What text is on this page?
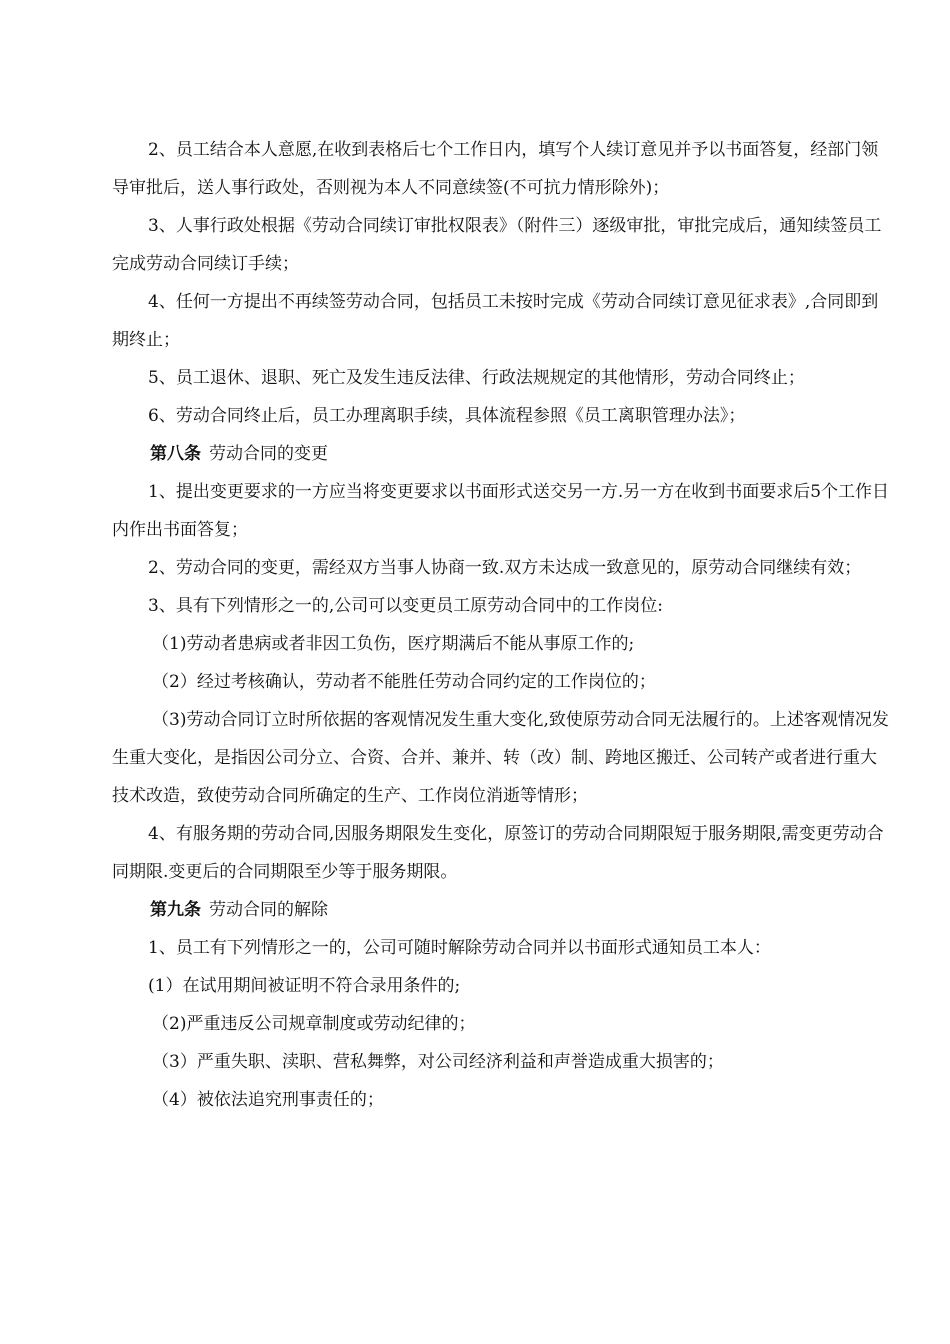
2、员工结合本人意愿,在收到表格后七个工作日内，填写个人续订意见并予以书面答复，经部门领导审批后，送人事行政处，否则视为本人不同意续签(不可抗力情形除外)；

3、人事行政处根据《劳动合同续订审批权限表》（附件三）逐级审批，审批完成后，通知续签员工完成劳动合同续订手续；

4、任何一方提出不再续签劳动合同，包括员工未按时完成《劳动合同续订意见征求表》,合同即到期终止；

5、员工退休、退职、死亡及发生违反法律、行政法规规定的其他情形，劳动合同终止；

6、劳动合同终止后，员工办理离职手续，具体流程参照《员工离职管理办法》；

第八条 劳动合同的变更

1、提出变更要求的一方应当将变更要求以书面形式送交另一方.另一方在收到书面要求后5个工作日内作出书面答复；

2、劳动合同的变更，需经双方当事人协商一致.双方未达成一致意见的，原劳动合同继续有效；

3、具有下列情形之一的,公司可以变更员工原劳动合同中的工作岗位:

（1)劳动者患病或者非因工负伤，医疗期满后不能从事原工作的;

（2）经过考核确认，劳动者不能胜任劳动合同约定的工作岗位的；

（3)劳动合同订立时所依据的客观情况发生重大变化,致使原劳动合同无法履行的。上述客观情况发生重大变化，是指因公司分立、合资、合并、兼并、转（改）制、跨地区搬迁、公司转产或者进行重大技术改造，致使劳动合同所确定的生产、工作岗位消逝等情形；

4、有服务期的劳动合同,因服务期限发生变化，原签订的劳动合同期限短于服务期限,需变更劳动合同期限.变更后的合同期限至少等于服务期限。

第九条 劳动合同的解除

1、员工有下列情形之一的，公司可随时解除劳动合同并以书面形式通知员工本人：

(1）在试用期间被证明不符合录用条件的;

（2)严重违反公司规章制度或劳动纪律的；

（3）严重失职、渎职、营私舞弊，对公司经济利益和声誉造成重大损害的；

（4）被依法追究刑事责任的；
